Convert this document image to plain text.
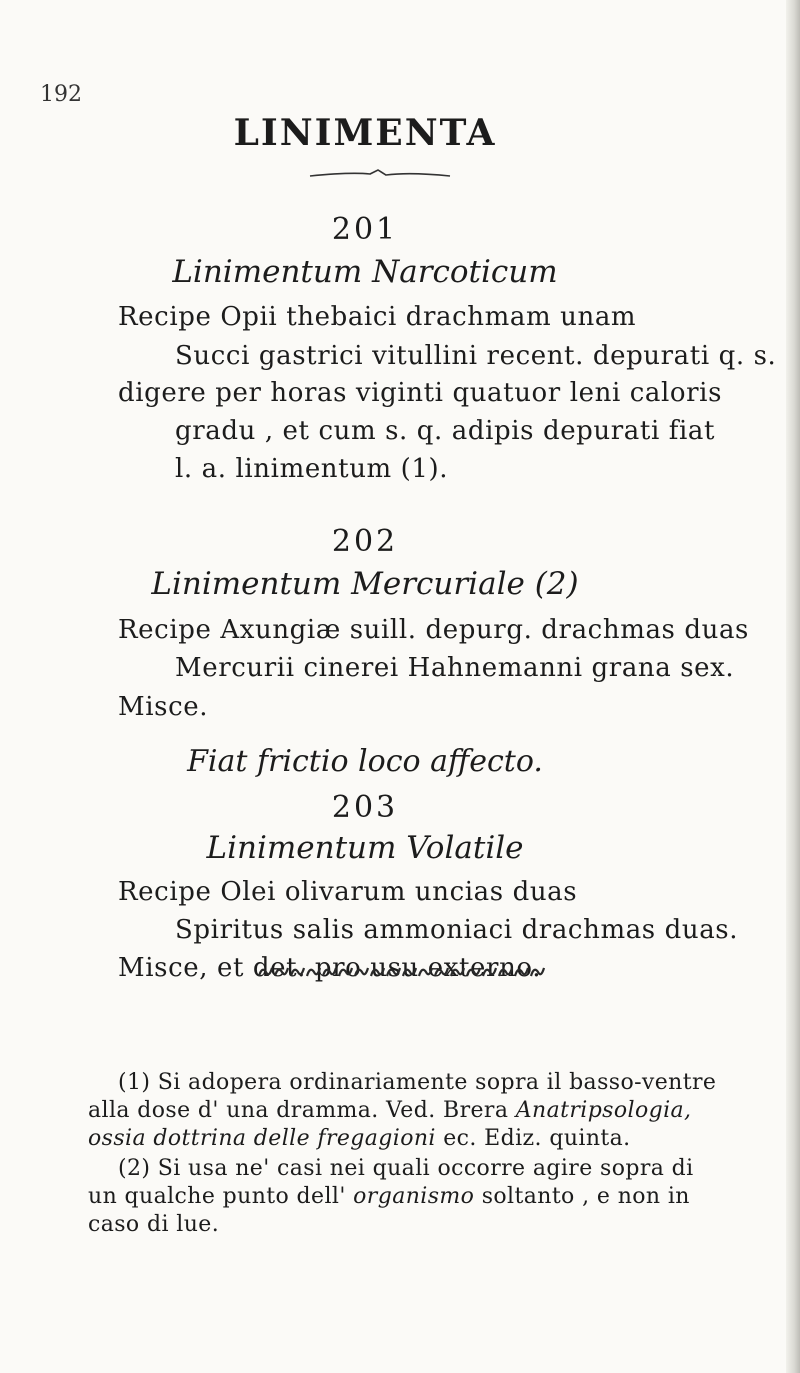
192
LINIMENTA
201
Linimentum Narcoticum
Recipe Opii thebaici drachmam unam
Succi gastrici vitullini recent. depurati q. s.
digere per horas viginti quatuor leni caloris
gradu , et cum s. q. adipis depurati fiat
l. a. linimentum (1).
202
Linimentum Mercuriale (2)
Recipe Axungiæ suill. depurg. drachmas duas
Mercurii cinerei Hahnemanni grana sex.
Misce.
Fiat frictio loco affecto.
203
Linimentum Volatile
Recipe Olei olivarum uncias duas
Spiritus salis ammoniaci drachmas duas.
Misce, et det. pro usu externo.
(1) Si adopera ordinariamente sopra il basso-ventre
alla dose d' una dramma. Ved. Brera Anatripsologia,
ossia dottrina delle fregagioni ec. Ediz. quinta.
(2) Si usa ne' casi nei quali occorre agire sopra di
un qualche punto dell' organismo soltanto , e non in
caso di lue.
